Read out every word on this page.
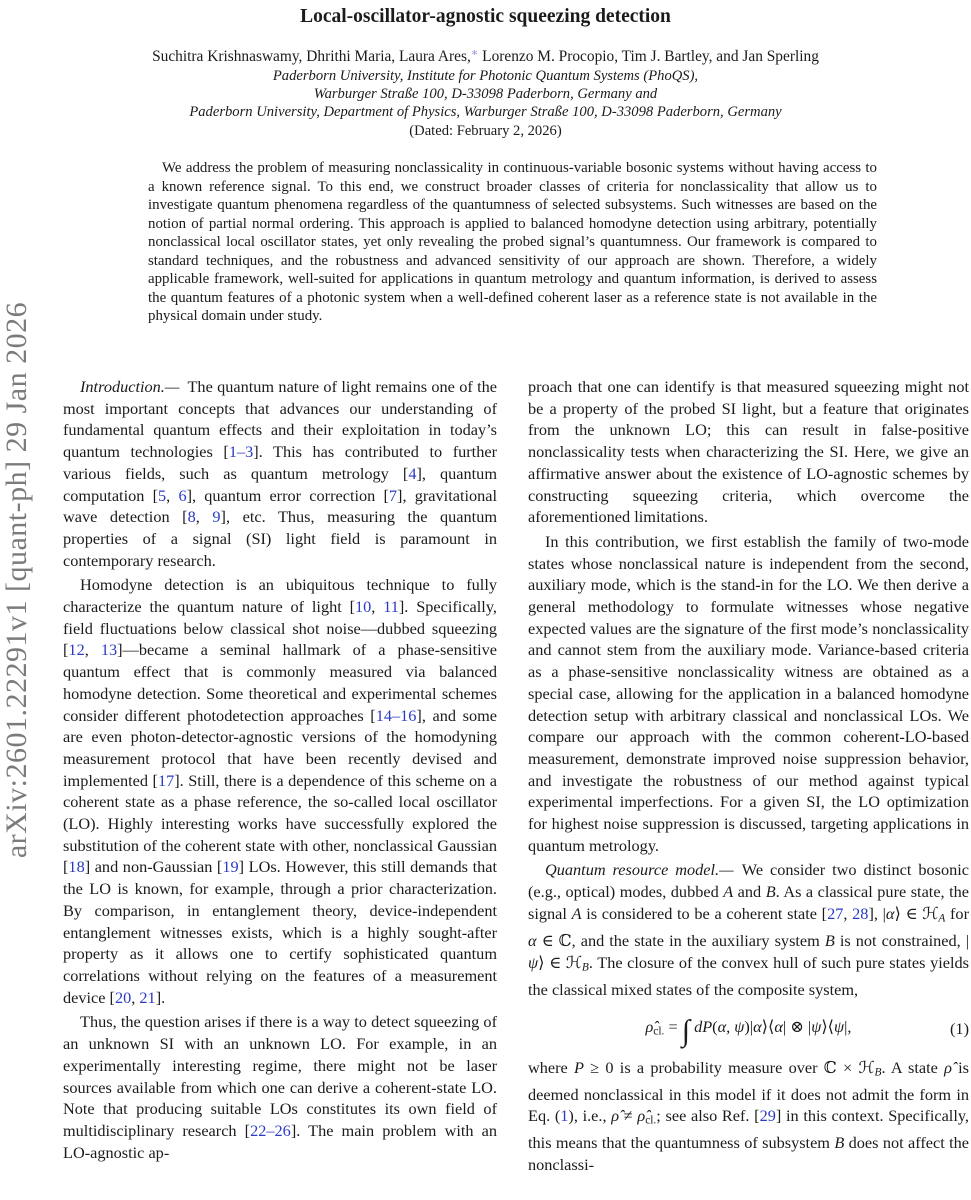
arXiv:2601.22291v1 [quant-ph] 29 Jan 2026
Local-oscillator-agnostic squeezing detection
Suchitra Krishnaswamy, Dhrithi Maria, Laura Ares,∗ Lorenzo M. Procopio, Tim J. Bartley, and Jan Sperling
Paderborn University, Institute for Photonic Quantum Systems (PhoQS),
Warburger Straße 100, D-33098 Paderborn, Germany and
Paderborn University, Department of Physics, Warburger Straße 100, D-33098 Paderborn, Germany
(Dated: February 2, 2026)
We address the problem of measuring nonclassicality in continuous-variable bosonic systems without having access to a known reference signal. To this end, we construct broader classes of criteria for nonclassicality that allow us to investigate quantum phenomena regardless of the quantumness of selected subsystems. Such witnesses are based on the notion of partial normal ordering. This approach is applied to balanced homodyne detection using arbitrary, potentially nonclassical local oscillator states, yet only revealing the probed signal’s quantumness. Our framework is compared to standard techniques, and the robustness and advanced sensitivity of our approach are shown. Therefore, a widely applicable framework, well-suited for applications in quantum metrology and quantum information, is derived to assess the quantum features of a photonic system when a well-defined coherent laser as a reference state is not available in the physical domain under study.

Introduction.— The quantum nature of light remains one of the most important concepts that advances our understanding of fundamental quantum effects and their exploitation in today’s quantum technologies [1–3]. This has contributed to further various fields, such as quantum metrology [4], quantum computation [5, 6], quantum error correction [7], gravitational wave detection [8, 9], etc. Thus, measuring the quantum properties of a signal (SI) light field is paramount in contemporary research.

Homodyne detection is an ubiquitous technique to fully characterize the quantum nature of light [10, 11]. Specifically, field fluctuations below classical shot noise—dubbed squeezing [12, 13]—became a seminal hallmark of a phase-sensitive quantum effect that is commonly measured via balanced homodyne detection. Some theoretical and experimental schemes consider different photodetection approaches [14–16], and some are even photon-detector-agnostic versions of the homodyning measurement protocol that have been recently devised and implemented [17]. Still, there is a dependence of this scheme on a coherent state as a phase reference, the so-called local oscillator (LO). Highly interesting works have successfully explored the substitution of the coherent state with other, nonclassical Gaussian [18] and non-Gaussian [19] LOs. However, this still demands that the LO is known, for example, through a prior characterization. By comparison, in entanglement theory, device-independent entanglement witnesses exists, which is a highly sought-after property as it allows one to certify sophisticated quantum correlations without relying on the features of a measurement device [20, 21].

Thus, the question arises if there is a way to detect squeezing of an unknown SI with an unknown LO. For example, in an experimentally interesting regime, there might not be laser sources available from which one can derive a coherent-state LO. Note that producing suitable LOs constitutes its own field of multidisciplinary research [22–26]. The main problem with an LO-agnostic ap-

proach that one can identify is that measured squeezing might not be a property of the probed SI light, but a feature that originates from the unknown LO; this can result in false-positive nonclassicality tests when characterizing the SI. Here, we give an affirmative answer about the existence of LO-agnostic schemes by constructing squeezing criteria, which overcome the aforementioned limitations.

In this contribution, we first establish the family of two-mode states whose nonclassical nature is independent from the second, auxiliary mode, which is the stand-in for the LO. We then derive a general methodology to formulate witnesses whose negative expected values are the signature of the first mode’s nonclassicality and cannot stem from the auxiliary mode. Variance-based criteria as a phase-sensitive nonclassicality witness are obtained as a special case, allowing for the application in a balanced homodyne detection setup with arbitrary classical and nonclassical LOs. We compare our approach with the common coherent-LO-based measurement, demonstrate improved noise suppression behavior, and investigate the robustness of our method against typical experimental imperfections. For a given SI, the LO optimization for highest noise suppression is discussed, targeting applications in quantum metrology.

Quantum resource model.— We consider two distinct bosonic (e.g., optical) modes, dubbed A and B. As a classical pure state, the signal A is considered to be a coherent state [27, 28], |α⟩ ∈ ℋA for α ∈ ℂ, and the state in the auxiliary system B is not constrained, |ψ⟩ ∈ ℋB. The closure of the convex hull of such pure states yields the classical mixed states of the composite system,

ρ̂cl. = ∫ dP(α, ψ)|α⟩⟨α| ⊗ |ψ⟩⟨ψ|,	(1)

where P ≥ 0 is a probability measure over ℂ × ℋB. A state ρ̂ is deemed nonclassical in this model if it does not admit the form in Eq. (1), i.e., ρ̂ ≠ ρ̂cl.; see also Ref. [29] in this context. Specifically, this means that the quantumness of subsystem B does not affect the nonclassi-
